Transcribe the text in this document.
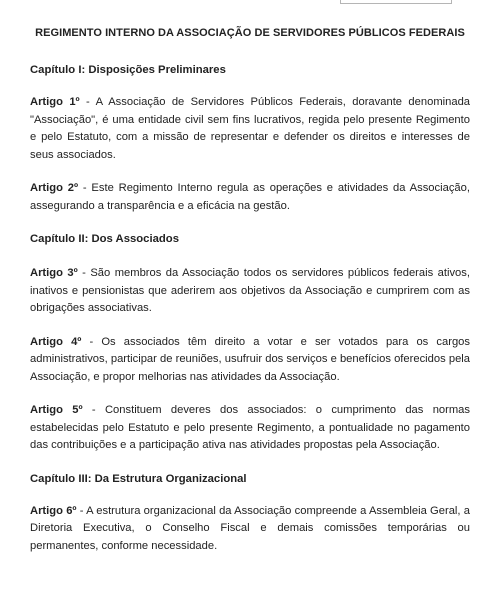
REGIMENTO INTERNO DA ASSOCIAÇÃO DE SERVIDORES PÚBLICOS FEDERAIS

Capítulo I: Disposições Preliminares

Artigo 1º - A Associação de Servidores Públicos Federais, doravante denominada "Associação", é uma entidade civil sem fins lucrativos, regida pelo presente Regimento e pelo Estatuto, com a missão de representar e defender os direitos e interesses de seus associados.

Artigo 2º - Este Regimento Interno regula as operações e atividades da Associação, assegurando a transparência e a eficácia na gestão.

Capítulo II: Dos Associados

Artigo 3º - São membros da Associação todos os servidores públicos federais ativos, inativos e pensionistas que aderirem aos objetivos da Associação e cumprirem com as obrigações associativas.

Artigo 4º - Os associados têm direito a votar e ser votados para os cargos administrativos, participar de reuniões, usufruir dos serviços e benefícios oferecidos pela Associação, e propor melhorias nas atividades da Associação.

Artigo 5º - Constituem deveres dos associados: o cumprimento das normas estabelecidas pelo Estatuto e pelo presente Regimento, a pontualidade no pagamento das contribuições e a participação ativa nas atividades propostas pela Associação.

Capítulo III: Da Estrutura Organizacional

Artigo 6º - A estrutura organizacional da Associação compreende a Assembleia Geral, a Diretoria Executiva, o Conselho Fiscal e demais comissões temporárias ou permanentes, conforme necessidade.
